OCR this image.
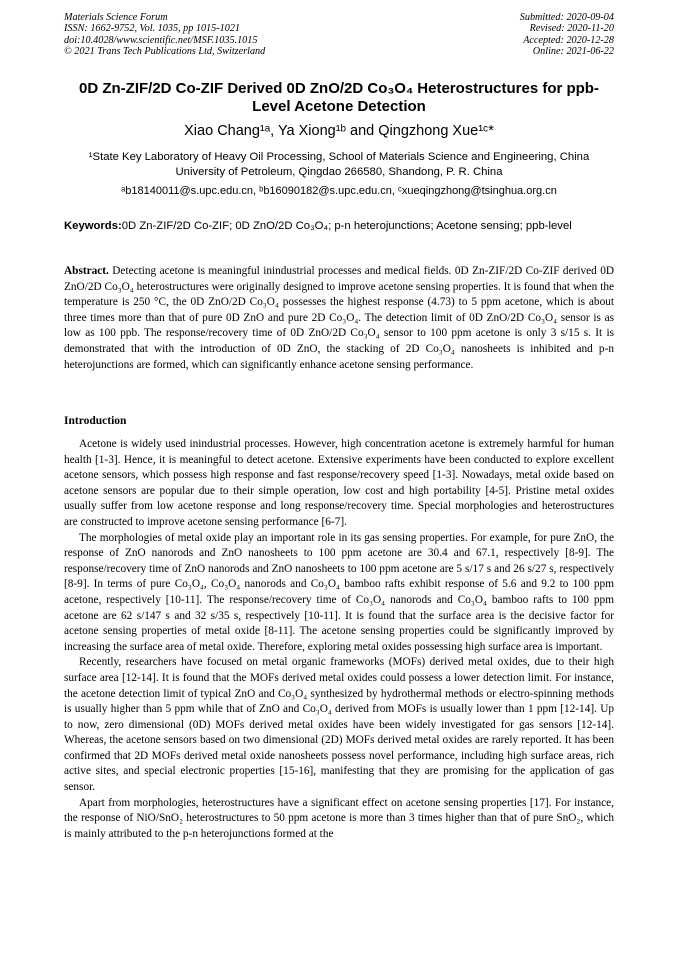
Materials Science Forum
ISSN: 1662-9752, Vol. 1035, pp 1015-1021
doi:10.4028/www.scientific.net/MSF.1035.1015
© 2021 Trans Tech Publications Ltd, Switzerland
Submitted: 2020-09-04
Revised: 2020-11-20
Accepted: 2020-12-28
Online: 2021-06-22
0D Zn-ZIF/2D Co-ZIF Derived 0D ZnO/2D Co₃O₄ Heterostructures for ppb-Level Acetone Detection
Xiao Chang¹ᵃ, Ya Xiong¹ᵇ and Qingzhong Xue¹ᶜ*
¹State Key Laboratory of Heavy Oil Processing, School of Materials Science and Engineering, China University of Petroleum, Qingdao 266580, Shandong, P. R. China
ᵃb18140011@s.upc.edu.cn, ᵇb16090182@s.upc.edu.cn, ᶜxueqingzhong@tsinghua.org.cn
Keywords:0D Zn-ZIF/2D Co-ZIF; 0D ZnO/2D Co₃O₄; p-n heterojunctions; Acetone sensing; ppb-level
Abstract. Detecting acetone is meaningful inindustrial processes and medical fields. 0D Zn-ZIF/2D Co-ZIF derived 0D ZnO/2D Co₃O₄ heterostructures were originally designed to improve acetone sensing properties. It is found that when the temperature is 250 °C, the 0D ZnO/2D Co₃O₄ possesses the highest response (4.73) to 5 ppm acetone, which is about three times more than that of pure 0D ZnO and pure 2D Co₃O₄. The detection limit of 0D ZnO/2D Co₃O₄ sensor is as low as 100 ppb. The response/recovery time of 0D ZnO/2D Co₃O₄ sensor to 100 ppm acetone is only 3 s/15 s. It is demonstrated that with the introduction of 0D ZnO, the stacking of 2D Co₃O₄ nanosheets is inhibited and p-n heterojunctions are formed, which can significantly enhance acetone sensing performance.
Introduction

Acetone is widely used inindustrial processes. However, high concentration acetone is extremely harmful for human health [1-3]. Hence, it is meaningful to detect acetone. Extensive experiments have been conducted to explore excellent acetone sensors, which possess high response and fast response/recovery speed [1-3]. Nowadays, metal oxide based on acetone sensors are popular due to their simple operation, low cost and high portability [4-5]. Pristine metal oxides usually suffer from low acetone response and long response/recovery time. Special morphologies and heterostructures are constructed to improve acetone sensing performance [6-7].

The morphologies of metal oxide play an important role in its gas sensing properties. For example, for pure ZnO, the response of ZnO nanorods and ZnO nanosheets to 100 ppm acetone are 30.4 and 67.1, respectively [8-9]. The response/recovery time of ZnO nanorods and ZnO nanosheets to 100 ppm acetone are 5 s/17 s and 26 s/27 s, respectively [8-9]. In terms of pure Co₃O₄, Co₃O₄ nanorods and Co₃O₄ bamboo rafts exhibit response of 5.6 and 9.2 to 100 ppm acetone, respectively [10-11]. The response/recovery time of Co₃O₄ nanorods and Co₃O₄ bamboo rafts to 100 ppm acetone are 62 s/147 s and 32 s/35 s, respectively [10-11]. It is found that the surface area is the decisive factor for acetone sensing properties of metal oxide [8-11]. The acetone sensing properties could be significantly improved by increasing the surface area of metal oxide. Therefore, exploring metal oxides possessing high surface area is important.

Recently, researchers have focused on metal organic frameworks (MOFs) derived metal oxides, due to their high surface area [12-14]. It is found that the MOFs derived metal oxides could possess a lower detection limit. For instance, the acetone detection limit of typical ZnO and Co₃O₄ synthesized by hydrothermal methods or electro-spinning methods is usually higher than 5 ppm while that of ZnO and Co₃O₄ derived from MOFs is usually lower than 1 ppm [12-14]. Up to now, zero dimensional (0D) MOFs derived metal oxides have been widely investigated for gas sensors [12-14]. Whereas, the acetone sensors based on two dimensional (2D) MOFs derived metal oxides are rarely reported. It has been confirmed that 2D MOFs derived metal oxide nanosheets possess novel performance, including high surface areas, rich active sites, and special electronic properties [15-16], manifesting that they are promising for the application of gas sensor.

Apart from morphologies, heterostructures have a significant effect on acetone sensing properties [17]. For instance, the response of NiO/SnO₂ heterostructures to 50 ppm acetone is more than 3 times higher than that of pure SnO₂, which is mainly attributed to the p-n heterojunctions formed at the
